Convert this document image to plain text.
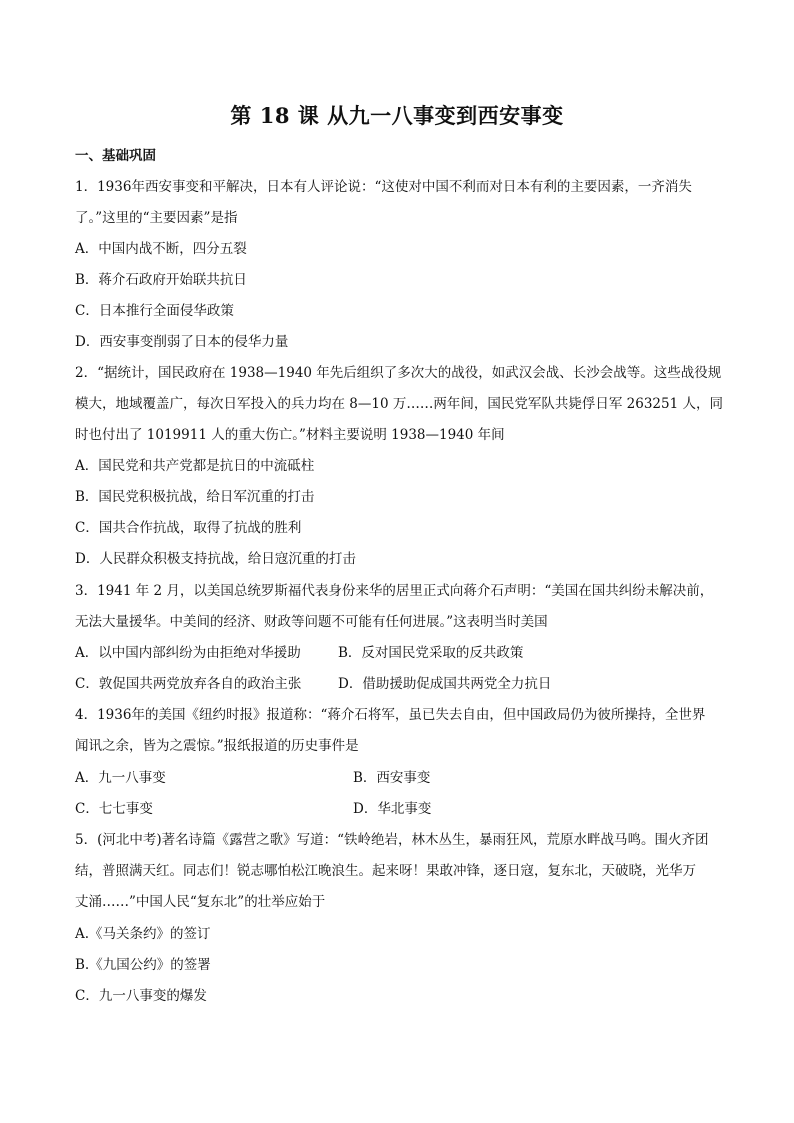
第 18 课 从九一八事变到西安事变
一、基础巩固
1．1936年西安事变和平解决，日本有人评论说：“这使对中国不利而对日本有利的主要因素，一齐消失
了。”这里的“主要因素”是指
A．中国内战不断，四分五裂
B．蒋介石政府开始联共抗日
C．日本推行全面侵华政策
D．西安事变削弱了日本的侵华力量
2．“据统计，国民政府在 1938—1940 年先后组织了多次大的战役，如武汉会战、长沙会战等。这些战役规
模大，地域覆盖广，每次日军投入的兵力均在 8—10 万……两年间，国民党军队共毙俘日军 263251 人，同
时也付出了 1019911 人的重大伤亡。”材料主要说明 1938—1940 年间
A．国民党和共产党都是抗日的中流砥柱
B．国民党积极抗战，给日军沉重的打击
C．国共合作抗战，取得了抗战的胜利
D．人民群众积极支持抗战，给日寇沉重的打击
3．1941 年 2 月，以美国总统罗斯福代表身份来华的居里正式向蒋介石声明：“美国在国共纠纷未解决前，
无法大量援华。中美间的经济、财政等问题不可能有任何进展。”这表明当时美国
A．以中国内部纠纷为由拒绝对华援助	B．反对国民党采取的反共政策
C．敦促国共两党放弃各自的政治主张	D．借助援助促成国共两党全力抗日
4．1936年的美国《纽约时报》报道称：“蒋介石将军，虽已失去自由，但中国政局仍为彼所操持，全世界
闻讯之余，皆为之震惊。”报纸报道的历史事件是
A．九一八事变	B．西安事变
C．七七事变	D．华北事变
5．(河北中考)著名诗篇《露营之歌》写道：“铁岭绝岩，林木丛生，暴雨狂风，荒原水畔战马鸣。围火齐团
结，普照满天红。同志们！锐志哪怕松江晚浪生。起来呀！果敢冲锋，逐日寇，复东北，天破晓，光华万
丈涌……”中国人民“复东北”的壮举应始于
A.《马关条约》的签订
B.《九国公约》的签署
C．九一八事变的爆发
